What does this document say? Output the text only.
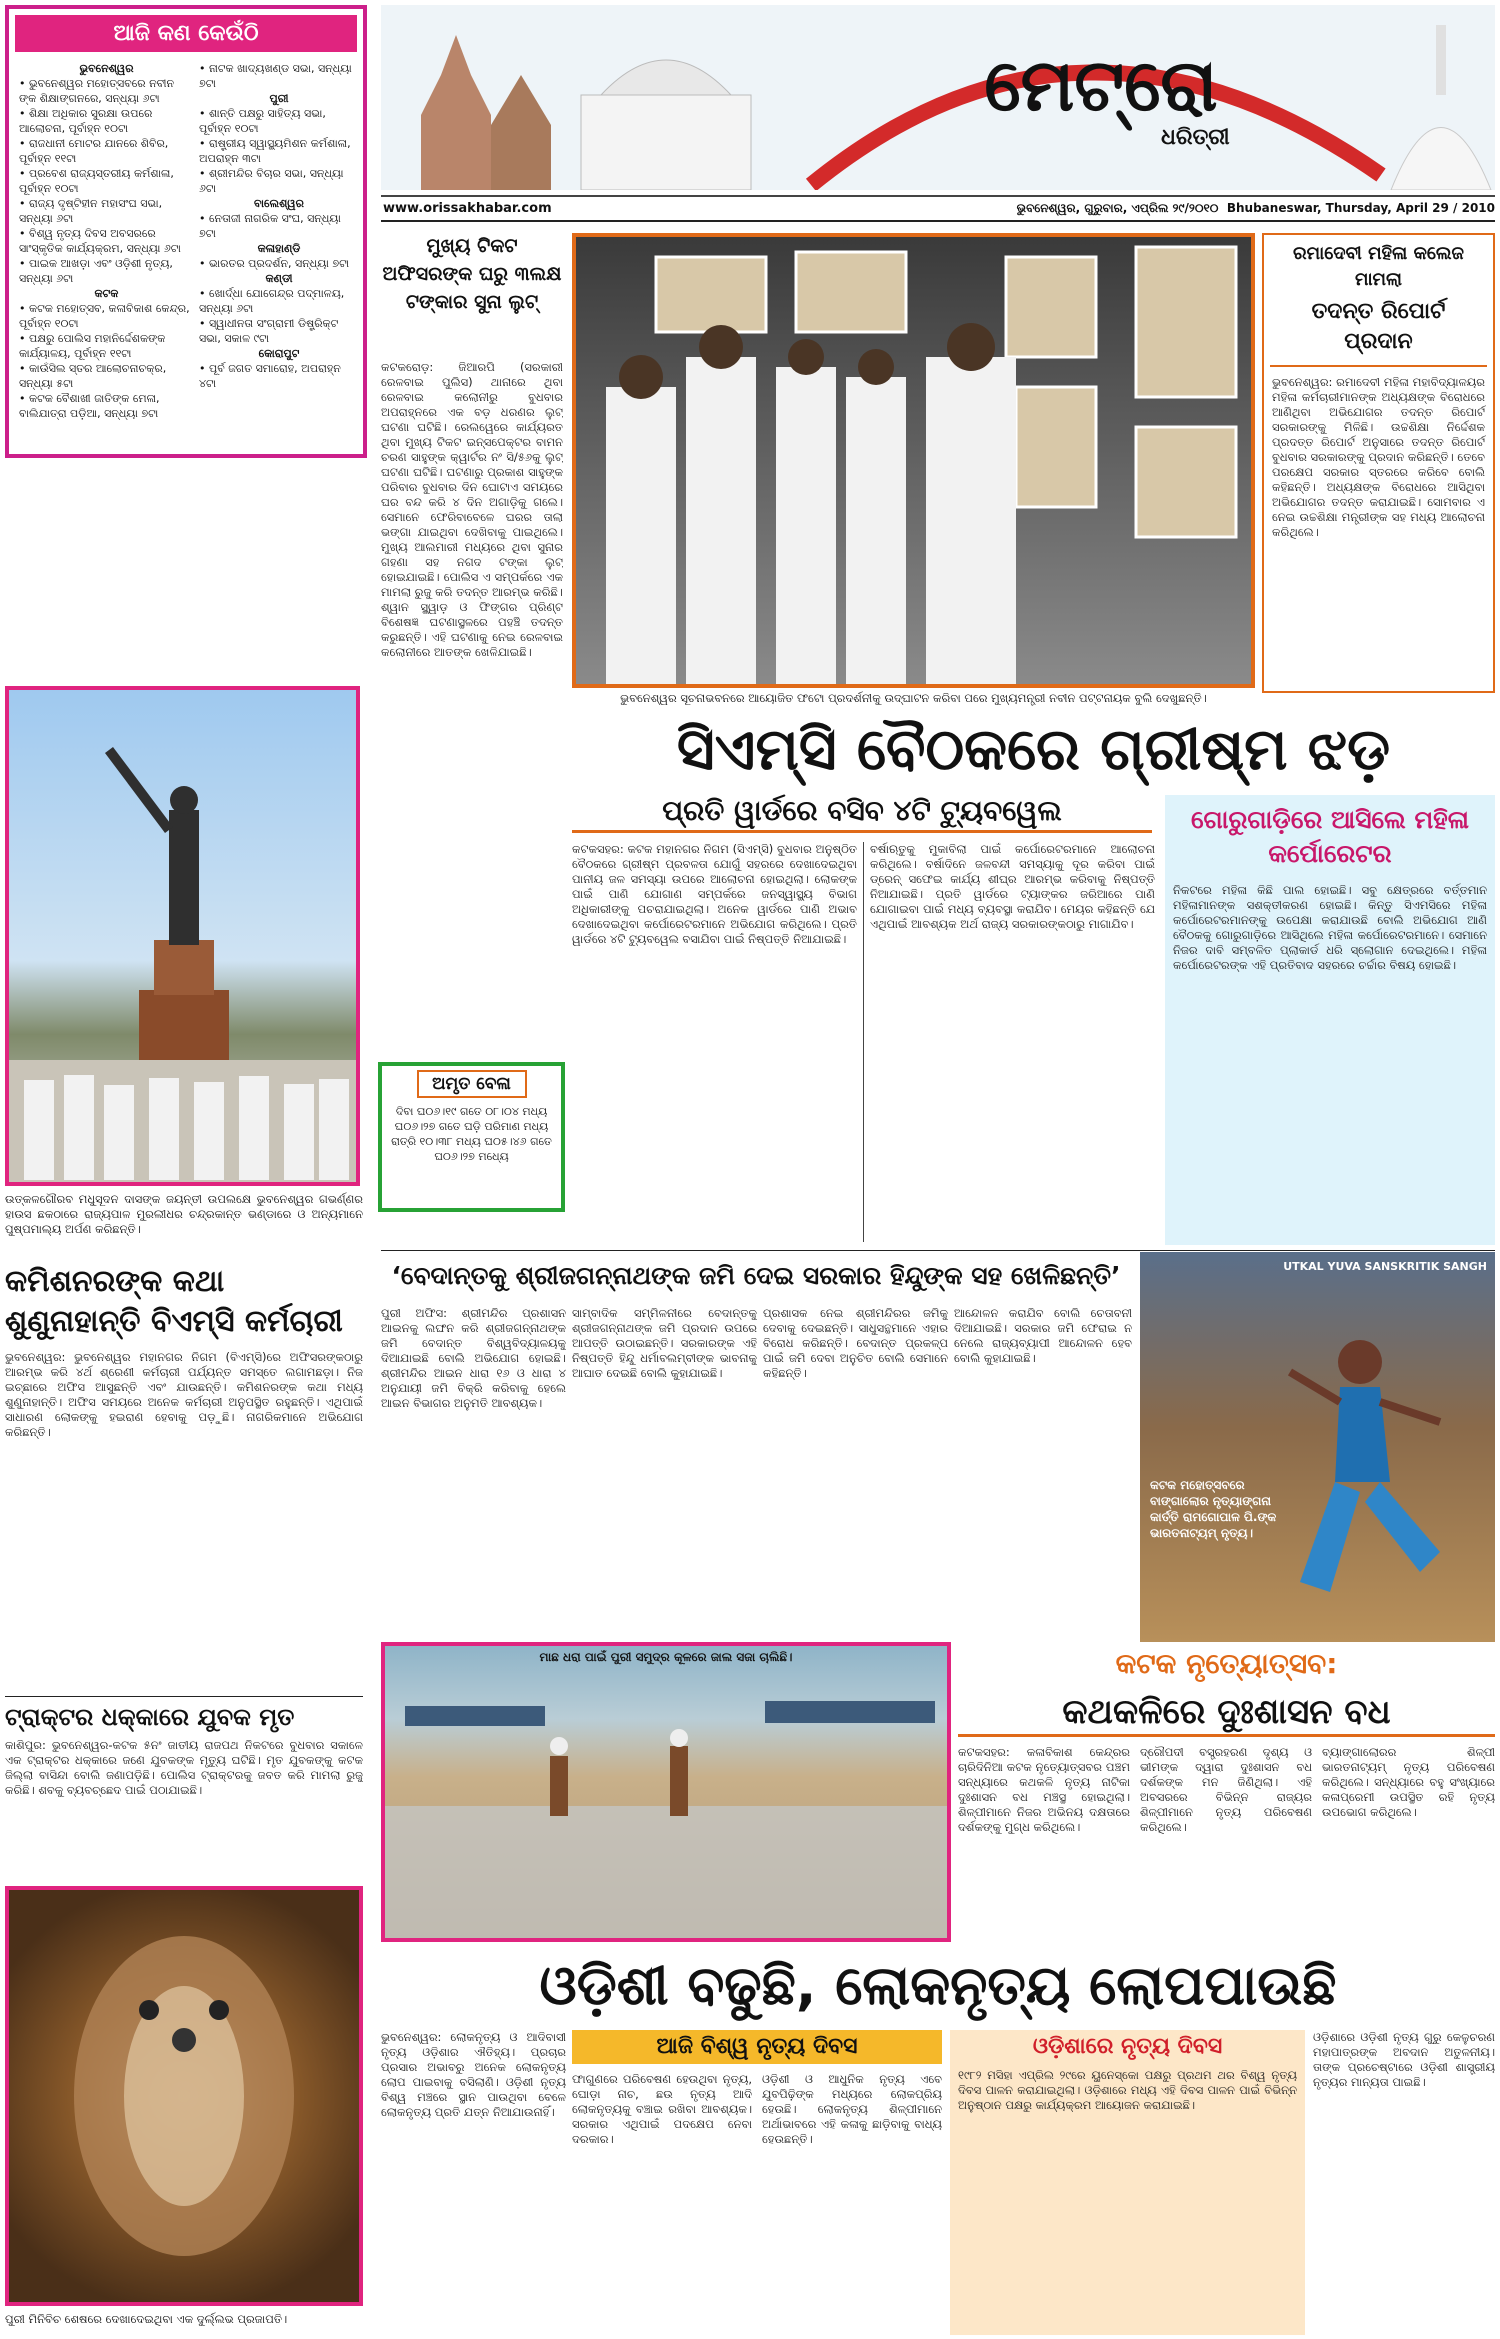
ଆଜି କଣ କେଉଁଠି
ଭୁବନେଶ୍ୱର
• ଭୁବନେଶ୍ୱର ମହୋତ୍ସବରେ ନବୀନ ଙ୍କ ଶିକ୍ଷାଙ୍ଗନରେ, ସନ୍ଧ୍ୟା ୬ଟା
• ଶିକ୍ଷା ଅଧିକାର ସୁରକ୍ଷା ଉପରେ ଆଲୋଚନା, ପୂର୍ବାହ୍ନ ୧୦ଟା
• ରାଜଧାନୀ ମୋଟର ଯାନରେ ଶିବିର, ପୂର୍ବାହ୍ନ ୧୧ଟା
• ପ୍ରବେଶ ରାଜ୍ୟସ୍ତରୀୟ କର୍ମଶାଳା, ପୂର୍ବାହ୍ନ ୧୦ଟା
• ରାଜ୍ୟ ଦୃଷ୍ଟିହୀନ ମହାସଂଘ ସଭା, ସନ୍ଧ୍ୟା ୬ଟା
• ବିଶ୍ୱ ନୃତ୍ୟ ଦିବସ ଅବସରରେ ସାଂସ୍କୃତିକ କାର୍ଯ୍ୟକ୍ରମ, ସନ୍ଧ୍ୟା ୬ଟା
• ପାଇକ ଆଖଡ଼ା ଏବଂ ଓଡ଼ିଶୀ ନୃତ୍ୟ, ସନ୍ଧ୍ୟା ୬ଟା
କଟକ
• କଟକ ମହୋତ୍ସବ, କଳାବିକାଶ କେନ୍ଦ୍ର, ପୂର୍ବାହ୍ନ ୧୦ଟା
• ପକ୍ଷରୁ ପୋଲିସ ମହାନିର୍ଦ୍ଦେଶକଙ୍କ କାର୍ଯ୍ୟାଳୟ, ପୂର୍ବାହ୍ନ ୧୧ଟା
• କାଉଁସିଲ ସ୍ତର ଆଲୋଚନାଚକ୍ର, ସନ୍ଧ୍ୟା ୫ଟା
• କଟକ ବୈଶାଖୀ ଜାତିଙ୍କ ମେଳା, ବାଲିଯାତ୍ରା ପଡ଼ିଆ, ସନ୍ଧ୍ୟା ୭ଟା
• ନାଟକ ଖାଦ୍ୟଖଣ୍ଡ ସଭା, ସନ୍ଧ୍ୟା ୭ଟା
ପୁରୀ
• ଶାନ୍ତି ପକ୍ଷରୁ ସାହିତ୍ୟ ସଭା, ପୂର୍ବାହ୍ନ ୧୦ଟା
• ରାଷ୍ଟ୍ରୀୟ ସ୍ୱାସ୍ଥ୍ୟମିଶନ କର୍ମଶାଳା, ଅପରାହ୍ନ ୩ଟା
• ଶ୍ରୀମନ୍ଦିର ବିଚାର ସଭା, ସନ୍ଧ୍ୟା ୬ଟା
ବାଲେଶ୍ୱର
• ନେତାଜୀ ନାଗରିକ ସଂଘ, ସନ୍ଧ୍ୟା ୭ଟା
କଳାହାଣ୍ଡି
• ଭାରତର ପ୍ରଦର୍ଶନ, ସନ୍ଧ୍ୟା ୭ଟା
କଣ୍ଡୀ
• ଖୋର୍ଦ୍ଧା ଯୋଗେନ୍ଦ୍ର ପଦ୍ମାଳୟ, ସନ୍ଧ୍ୟା ୬ଟା
• ସ୍ୱାଧୀନତା ସଂଗ୍ରାମୀ ଡିଷ୍ଟ୍ରିକ୍ଟ ସଭା, ସକାଳ ୯ଟା
କୋରାପୁଟ
• ପୂର୍ବ ଜଗତ ସମାରୋହ, ଅପରାହ୍ନ ୪ଟା
ଉତ୍କଳଗୌରବ ମଧୁସୂଦନ ଦାସଙ୍କ ଜୟନ୍ତୀ ଉପଲକ୍ଷେ ଭୁବନେଶ୍ୱର ଗଭର୍ଣ୍ଣର ହାଉସ ଛକଠାରେ ରାଜ୍ୟପାଳ ମୁରଲୀଧର ଚନ୍ଦ୍ରକାନ୍ତ ଭଣ୍ଡାରେ ଓ ଅନ୍ୟମାନେ ପୁଷ୍ପମାଲ୍ୟ ଅର୍ପଣ କରିଛନ୍ତି।
କମିଶନରଙ୍କ କଥା ଶୁଣୁନାହାନ୍ତି ବିଏମ୍‌ସି କର୍ମଚାରୀ
ଭୁବନେଶ୍ୱର: ଭୁବନେଶ୍ୱର ମହାନଗର ନିଗମ (ବିଏମ୍‌ସି)ରେ ଅଫିସରଙ୍କଠାରୁ ଆରମ୍ଭ କରି ୪ର୍ଥ ଶ୍ରେଣୀ କର୍ମଚାରୀ ପର୍ଯ୍ୟନ୍ତ ସମସ୍ତେ ଲଗାମଛଡ଼ା। ନିଜ ଇଚ୍ଛାରେ ଅଫିସ ଆସୁଛନ୍ତି ଏବଂ ଯାଉଛନ୍ତି। କମିଶନରଙ୍କ କଥା ମଧ୍ୟ ଶୁଣୁନାହାନ୍ତି। ଅଫିସ ସମୟରେ ଅନେକ କର୍ମଚାରୀ ଅନୁପସ୍ଥିତ ରହୁଛନ୍ତି। ଏଥିପାଇଁ ସାଧାରଣ ଲୋକଙ୍କୁ ହଇରାଣ ହେବାକୁ ପଡ଼ୁଛି। ନାଗରିକମାନେ ଅଭିଯୋଗ କରିଛନ୍ତି।
ଟ୍ରାକ୍ଟର ଧକ୍କାରେ ଯୁବକ ମୃତ
କାଶିପୁର: ଭୁବନେଶ୍ୱର-କଟକ ୫ନଂ ଜାତୀୟ ରାଜପଥ ନିକଟରେ ବୁଧବାର ସକାଳେ ଏକ ଟ୍ରାକ୍ଟର ଧକ୍କାରେ ଜଣେ ଯୁବକଙ୍କ ମୃତ୍ୟୁ ଘଟିଛି। ମୃତ ଯୁବକଙ୍କୁ କଟକ ଜିଲ୍ଲା ବାସିନ୍ଦା ବୋଲି ଜଣାପଡ଼ିଛି। ପୋଲିସ ଟ୍ରାକ୍ଟରକୁ ଜବତ କରି ମାମଲା ରୁଜୁ କରିଛି। ଶବକୁ ବ୍ୟବଚ୍ଛେଦ ପାଇଁ ପଠାଯାଇଛି।
ପୁରୀ ମିନିବିଚ ଶେଷରେ ଦେଖାଦେଇଥିବା ଏକ ଦୁର୍ଲ୍ଲଭ ପ୍ରଜାପତି।
ମେଟ୍ରୋ
ଧରିତ୍ରୀ
www.orissakhabar.com	ଭୁବନେଶ୍ୱର, ଗୁରୁବାର, ଏପ୍ରିଲ ୨୯/୨୦୧୦ Bhubaneswar, Thursday, April 29 / 2010
ମୁଖ୍ୟ ଟିକଟ ଅଫିସରଙ୍କ ଘରୁ ୩ଲକ୍ଷ ଟଙ୍କାର ସୁନା ଲୁଟ୍
କଟକରୋଡ଼: ଜିଆରପି (ସରକାରୀ ରେଳବାଇ ପୁଲିସ) ଥାନାରେ ଥିବା ରେଳବାଇ କଲୋନୀରୁ ବୁଧବାର ଅପରାହ୍ନରେ ଏକ ବଡ଼ ଧରଣର ଲୁଟ୍ ଘଟଣା ଘଟିଛି। ରେଲୱେରେ କାର୍ଯ୍ୟରତ ଥିବା ମୁଖ୍ୟ ଟିକଟ ଇନ୍‌ସପେକ୍ଟର ବାମନ ଚରଣ ସାହୁଙ୍କ କ୍ୱାର୍ଟର ନଂ ସି/୫୬କୁ ଲୁଟ୍ ଘଟଣା ଘଟିଛି। ଘଟଣାରୁ ପ୍ରକାଶ ସାହୁଙ୍କ ପରିବାର ବୁଧବାର ଦିନ ଘୋଟାଏ ସମୟରେ ଘର ବନ୍ଦ କରି ୪ ଦିନ ଅଗାଡ଼ିକୁ ଗଲେ। ସେମାନେ ଫେରିବାବେଳେ ଘରର ତାଲା ଭଙ୍ଗା ଯାଇଥିବା ଦେଖିବାକୁ ପାଇଥିଲେ। ମୁଖ୍ୟ ଆଲମାରୀ ମଧ୍ୟରେ ଥିବା ସୁନାର ଗହଣା ସହ ନଗଦ ଟଙ୍କା ଲୁଟ୍ ହୋଇଯାଇଛି। ପୋଲିସ ଏ ସମ୍ପର୍କରେ ଏକ ମାମଲା ରୁଜୁ କରି ତଦନ୍ତ ଆରମ୍ଭ କରିଛି। ଶ୍ୱାନ ସ୍କ୍ୱାଡ଼ ଓ ଫିଙ୍ଗର ପ୍ରିଣ୍ଟ ବିଶେଷଜ୍ଞ ଘଟଣାସ୍ଥଳରେ ପହଞ୍ଚି ତଦନ୍ତ କରୁଛନ୍ତି। ଏହି ଘଟଣାକୁ ନେଇ ରେଳବାଇ କଲୋନୀରେ ଆତଙ୍କ ଖେଳିଯାଇଛି।
ଅମୃତ ବେଳା
ଦିବା ଘ୦୬।୧୯ ଗତେ ୦୮।୦୪ ମଧ୍ୟ ଘ୦୬।୨୭ ଗତେ ଘଡ଼ି ପରିମାଣ ମଧ୍ୟ ରାତ୍ରି ୧୦।୩୮ ମଧ୍ୟ ଘ୦୫।୪୬ ଗତେ ଘ୦୬।୨୭ ମଧ୍ୟେ
ଭୁବନେଶ୍ୱର ସୂଚନାଭବନରେ ଆୟୋଜିତ ଫଟୋ ପ୍ରଦର୍ଶନୀକୁ ଉଦ୍‌ଘାଟନ କରିବା ପରେ ମୁଖ୍ୟମନ୍ତ୍ରୀ ନବୀନ ପଟ୍ଟନାୟକ ବୁଲି ଦେଖୁଛନ୍ତି।
ରମାଦେବୀ ମହିଳା କଲେଜ ମାମଲା
ତଦନ୍ତ ରିପୋର୍ଟ ପ୍ରଦାନ
ଭୁବନେଶ୍ୱର: ରମାଦେବୀ ମହିଳା ମହାବିଦ୍ୟାଳୟର ମହିଳା କର୍ମଚାରୀମାନଙ୍କ ଅଧ୍ୟକ୍ଷଙ୍କ ବିରୋଧରେ ଆଣିଥିବା ଅଭିଯୋଗର ତଦନ୍ତ ରିପୋର୍ଟ ସରକାରଙ୍କୁ ମିଳିଛି। ଉଚ୍ଚଶିକ୍ଷା ନିର୍ଦ୍ଦେଶକ ପ୍ରଦତ୍ତ ରିପୋର୍ଟ ଅନୁସାରେ ତଦନ୍ତ ରିପୋର୍ଟ ବୁଧବାର ସରକାରଙ୍କୁ ପ୍ରଦାନ କରିଛନ୍ତି। ତେବେ ପରକ୍ଷେପ ସରକାର ସ୍ତରରେ କରିବେ ବୋଲି କହିଛନ୍ତି। ଅଧ୍ୟକ୍ଷଙ୍କ ବିରୋଧରେ ଆସିଥିବା ଅଭିଯୋଗର ତଦନ୍ତ କରାଯାଇଛି। ସୋମବାର ଏ ନେଇ ଉଚ୍ଚଶିକ୍ଷା ମନ୍ତ୍ରୀଙ୍କ ସହ ମଧ୍ୟ ଆଲୋଚନା କରିଥିଲେ।
ସିଏମ୍‌ସି ବୈଠକରେ ଗ୍ରୀଷ୍ମ ଝଡ଼
ପ୍ରତି ୱାର୍ଡରେ ବସିବ ୪ଟି ଟ୍ୟୁବୱେଲ
କଟକସହର: କଟକ ମହାନଗର ନିଗମ (ସିଏମ୍‌ସି) ବୁଧବାର ଅନୁଷ୍ଠିତ ବୈଠକରେ ଗ୍ରୀଷ୍ମ ପ୍ରବଳତା ଯୋଗୁଁ ସହରରେ ଦେଖାଦେଇଥିବା ପାନୀୟ ଜଳ ସମସ୍ୟା ଉପରେ ଆଲୋଚନା ହୋଇଥିଲା। ଲୋକଙ୍କ ପାଇଁ ପାଣି ଯୋଗାଣ ସମ୍ପର୍କରେ ଜନସ୍ୱାସ୍ଥ୍ୟ ବିଭାଗ ଅଧିକାରୀଙ୍କୁ ପଚରାଯାଇଥିଲା। ଅନେକ ୱାର୍ଡରେ ପାଣି ଅଭାବ ଦେଖାଦେଇଥିବା କର୍ପୋରେଟରମାନେ ଅଭିଯୋଗ କରିଥିଲେ। ପ୍ରତି ୱାର୍ଡରେ ୪ଟି ଟ୍ୟୁବୱେଲ ବସାଯିବା ପାଇଁ ନିଷ୍ପତ୍ତି ନିଆଯାଇଛି।
ବର୍ଷାଋତୁକୁ ମୁକାବିଲା ପାଇଁ କର୍ପୋରେଟରମାନେ ଆଲୋଚନା କରିଥିଲେ। ବର୍ଷାଦିନେ ଜଳବନ୍ଦୀ ସମସ୍ୟାକୁ ଦୂର କରିବା ପାଇଁ ଡ୍ରେନ୍ ସଫେଇ କାର୍ଯ୍ୟ ଶୀଘ୍ର ଆରମ୍ଭ କରିବାକୁ ନିଷ୍ପତ୍ତି ନିଆଯାଇଛି। ପ୍ରତି ୱାର୍ଡରେ ଟ୍ୟାଙ୍କର ଜରିଆରେ ପାଣି ଯୋଗାଇବା ପାଇଁ ମଧ୍ୟ ବ୍ୟବସ୍ଥା କରାଯିବ। ମେୟର କହିଛନ୍ତି ଯେ ଏଥିପାଇଁ ଆବଶ୍ୟକ ଅର୍ଥ ରାଜ୍ୟ ସରକାରଙ୍କଠାରୁ ମାଗାଯିବ।
ଗୋରୁଗାଡ଼ିରେ ଆସିଲେ ମହିଳା କର୍ପୋରେଟର
ନିକଟରେ ମହିଳା କିଛି ପାଲ ହୋଇଛି। ସବୁ କ୍ଷେତ୍ରରେ ବର୍ତ୍ତମାନ ମହିଳାମାନଙ୍କ ସଶକ୍ତୀକରଣ ହୋଇଛି। କିନ୍ତୁ ସିଏମସିରେ ମହିଳା କର୍ପୋରେଟରମାନଙ୍କୁ ଉପେକ୍ଷା କରାଯାଉଛି ବୋଲି ଅଭିଯୋଗ ଆଣି ବୈଠକକୁ ଗୋରୁଗାଡ଼ିରେ ଆସିଥିଲେ ମହିଳା କର୍ପୋରେଟରମାନେ। ସେମାନେ ନିଜର ଦାବି ସମ୍ବଳିତ ପ୍ଲାକାର୍ଡ ଧରି ସ୍ଲୋଗାନ ଦେଇଥିଲେ। ମହିଳା କର୍ପୋରେଟରଙ୍କ ଏହି ପ୍ରତିବାଦ ସହରରେ ଚର୍ଚ୍ଚାର ବିଷୟ ହୋଇଛି।
‘ବେଦାନ୍ତକୁ ଶ୍ରୀଜଗନ୍ନାଥଙ୍କ ଜମି ଦେଇ ସରକାର ହିନ୍ଦୁଙ୍କ ସହ ଖେଳିଛନ୍ତି’
ପୁରୀ ଅଫିସ: ଶ୍ରୀମନ୍ଦିର ପ୍ରଶାସନ ଆଇନକୁ ଲଙ୍ଘନ କରି ଶ୍ରୀଜଗନ୍ନାଥଙ୍କ ଜମି ବେଦାନ୍ତ ବିଶ୍ୱବିଦ୍ୟାଳୟକୁ ଦିଆଯାଇଛି ବୋଲି ଅଭିଯୋଗ ହୋଇଛି। ଶ୍ରୀମନ୍ଦିର ଆଇନ ଧାରା ୧୬ ଓ ଧାରା ୪ ଅନୁଯାୟୀ ଜମି ବିକ୍ରି କରିବାକୁ ହେଲେ ଆଇନ ବିଭାଗର ଅନୁମତି ଆବଶ୍ୟକ।
ସାମ୍ବାଦିକ ସମ୍ମିଳନୀରେ ବେଦାନ୍ତକୁ ଶ୍ରୀଜଗନ୍ନାଥଙ୍କ ଜମି ପ୍ରଦାନ ଉପରେ ଆପତ୍ତି ଉଠାଇଛନ୍ତି। ସରକାରଙ୍କ ଏହି ନିଷ୍ପତ୍ତି ହିନ୍ଦୁ ଧର୍ମାବଲମ୍ବୀଙ୍କ ଭାବନାକୁ ଆଘାତ ଦେଇଛି ବୋଲି କୁହାଯାଇଛି।
ପ୍ରଶାସକ ନେଇ ଶ୍ରୀମନ୍ଦିରର ଜମିକୁ ଦେବାକୁ ଦେଇଛନ୍ତି। ସାଧୁସନ୍ଥମାନେ ଏହାର ବିରୋଧ କରିଛନ୍ତି। ବେଦାନ୍ତ ପ୍ରକଳ୍ପ ପାଇଁ ଜମି ଦେବା ଅନୁଚିତ ବୋଲି ସେମାନେ କହିଛନ୍ତି।
ଆନ୍ଦୋଳନ କରାଯିବ ବୋଲି ଚେତାବନୀ ଦିଆଯାଇଛି। ସରକାର ଜମି ଫେରାଇ ନ ନେଲେ ରାଜ୍ୟବ୍ୟାପୀ ଆନ୍ଦୋଳନ ହେବ ବୋଲି କୁହାଯାଇଛି।
UTKAL YUVA SANSKRITIK SANGH
କଟକ ମହୋତ୍ସବରେ ବାଙ୍ଗାଲୋର ନୃତ୍ୟାଙ୍ଗନା କାର୍ତ୍ତି ରାମଗୋପାଳ ପି.ଙ୍କ ଭାରତନାଟ୍ୟମ୍ ନୃତ୍ୟ।
ମାଛ ଧରା ପାଇଁ ପୁରୀ ସମୁଦ୍ର କୂଳରେ ଜାଲ ସଜା ଚାଲିଛି।	କଟକ ନୃତ୍ୟୋତ୍ସବ:
କଥକଳିରେ ଦୁଃଶାସନ ବଧ
କଟକସହର: କଳାବିକାଶ କେନ୍ଦ୍ରର ଚାରିଦିନିଆ କଟକ ନୃତ୍ୟୋତ୍ସବର ପଞ୍ଚମ ସନ୍ଧ୍ୟାରେ କଥକଳି ନୃତ୍ୟ ନାଟିକା ଦୁଃଶାସନ ବଧ ମଞ୍ଚସ୍ଥ ହୋଇଥିଲା। ଶିଳ୍ପୀମାନେ ନିଜର ଅଭିନୟ ଦକ୍ଷତାରେ ଦର୍ଶକଙ୍କୁ ମୁଗ୍ଧ କରିଥିଲେ।
ଦ୍ରୌପଦୀ ବସ୍ତ୍ରହରଣ ଦୃଶ୍ୟ ଓ ଭୀମଙ୍କ ଦ୍ୱାରା ଦୁଃଶାସନ ବଧ ଦର୍ଶକଙ୍କ ମନ ଜିଣିଥିଲା। ଏହି ଅବସରରେ ବିଭିନ୍ନ ରାଜ୍ୟର ଶିଳ୍ପୀମାନେ ନୃତ୍ୟ ପରିବେଷଣ କରିଥିଲେ।
ବ୍ୟାଙ୍ଗାଲୋରର ଶିଳ୍ପୀ ଭାରତନାଟ୍ୟମ୍ ନୃତ୍ୟ ପରିବେଷଣ କରିଥିଲେ। ସନ୍ଧ୍ୟାରେ ବହୁ ସଂଖ୍ୟାରେ କଳାପ୍ରେମୀ ଉପସ୍ଥିତ ରହି ନୃତ୍ୟ ଉପଭୋଗ କରିଥିଲେ।
ଓଡ଼ିଶୀ ବଢୁଛି, ଲୋକନୃତ୍ୟ ଲୋପପାଉଛି
ଭୁବନେଶ୍ୱର: ଲୋକନୃତ୍ୟ ଓ ଆଦିବାସୀ ନୃତ୍ୟ ଓଡ଼ିଶାର ଐତିହ୍ୟ। ପ୍ରଚାର ପ୍ରସାର ଅଭାବରୁ ଅନେକ ଲୋକନୃତ୍ୟ ଲୋପ ପାଇବାକୁ ବସିଲାଣି। ଓଡ଼ିଶୀ ନୃତ୍ୟ ବିଶ୍ୱ ମଞ୍ଚରେ ସ୍ଥାନ ପାଉଥିବା ବେଳେ ଲୋକନୃତ୍ୟ ପ୍ରତି ଯତ୍ନ ନିଆଯାଉନାହିଁ।
ଆଜି ବିଶ୍ୱ ନୃତ୍ୟ ଦିବସ
ଫାଗୁଣରେ ପରିବେଷଣ ହେଉଥିବା ନୃତ୍ୟ, ଘୋଡ଼ା ନାଚ, ଛଉ ନୃତ୍ୟ ଆଦି ଲୋକନୃତ୍ୟକୁ ବଞ୍ଚାଇ ରଖିବା ଆବଶ୍ୟକ। ସରକାର ଏଥିପାଇଁ ପଦକ୍ଷେପ ନେବା ଦରକାର।
ଓଡ଼ିଶୀ ଓ ଆଧୁନିକ ନୃତ୍ୟ ଏବେ ଯୁବପିଢ଼ିଙ୍କ ମଧ୍ୟରେ ଲୋକପ୍ରିୟ ହେଉଛି। ଲୋକନୃତ୍ୟ ଶିଳ୍ପୀମାନେ ଅର୍ଥାଭାବରେ ଏହି କଳାକୁ ଛାଡ଼ିବାକୁ ବାଧ୍ୟ ହେଉଛନ୍ତି।
ଓଡ଼ିଶାରେ ନୃତ୍ୟ ଦିବସ
୧୯୮୨ ମସିହା ଏପ୍ରିଲ ୨୯ରେ ୟୁନେସ୍କୋ ପକ୍ଷରୁ ପ୍ରଥମ ଥର ବିଶ୍ୱ ନୃତ୍ୟ ଦିବସ ପାଳନ କରାଯାଇଥିଲା। ଓଡ଼ିଶାରେ ମଧ୍ୟ ଏହି ଦିବସ ପାଳନ ପାଇଁ ବିଭିନ୍ନ ଅନୁଷ୍ଠାନ ପକ୍ଷରୁ କାର୍ଯ୍ୟକ୍ରମ ଆୟୋଜନ କରାଯାଇଛି।
ଓଡ଼ିଶାରେ ଓଡ଼ିଶୀ ନୃତ୍ୟ ଗୁରୁ କେଳୁଚରଣ ମହାପାତ୍ରଙ୍କ ଅବଦାନ ଅତୁଳନୀୟ। ତାଙ୍କ ପ୍ରଚେଷ୍ଟାରେ ଓଡ଼ିଶୀ ଶାସ୍ତ୍ରୀୟ ନୃତ୍ୟର ମାନ୍ୟତା ପାଇଛି।
